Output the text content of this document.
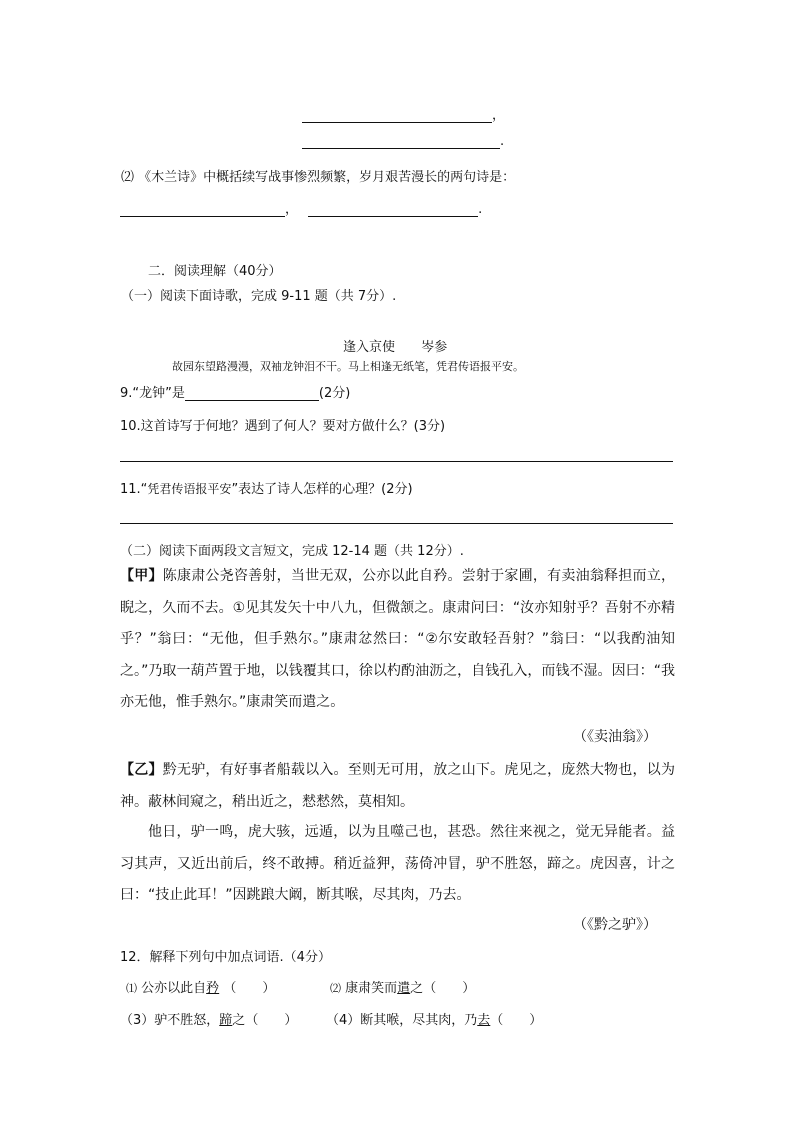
，
.
⑵ 《木兰诗》中概括续写战事惨烈频繁，岁月艰苦漫长的两句诗是：
，	.
二．阅读理解（40分）
（一）阅读下面诗歌，完成 9-11 题（共 7分）.
逢入京使 岑参
故园东望路漫漫，双袖龙钟泪不干。马上相逢无纸笔，凭君传语报平安。
9.“龙钟”是	(2分)
10.这首诗写于何地？遇到了何人？要对方做什么？(3分)
11.“凭君传语报平安”表达了诗人怎样的心理？(2分)
（二）阅读下面两段文言短文，完成 12-14 题（共 12分）.
【甲】陈康肃公尧咨善射，当世无双，公亦以此自矜。尝射于家圃，有卖油翁释担而立，睨之，久而不去。①见其发矢十中八九，但微颔之。康肃问曰：“汝亦知射乎？吾射不亦精乎？”翁曰：“无他，但手熟尔。”康肃忿然曰：“②尔安敢轻吾射？”翁曰：“以我酌油知之。”乃取一葫芦置于地，以钱覆其口，徐以杓酌油沥之，自钱孔入，而钱不湿。因曰：“我亦无他，惟手熟尔。”康肃笑而遣之。
（《卖油翁》）
【乙】黔无驴，有好事者船载以入。至则无可用，放之山下。虎见之，庞然大物也，以为神。蔽林间窥之，稍出近之，慭慭然，莫相知。
他日，驴一鸣，虎大骇，远遁，以为且噬己也，甚恐。然往来视之，觉无异能者。益习其声，又近出前后，终不敢搏。稍近益狎，荡倚冲冒，驴不胜怒，蹄之。虎因喜，计之曰：“技止此耳！”因跳踉大阚，断其喉，尽其肉，乃去。
（《黔之驴》）
12．解释下列句中加点词语.（4分）
⑴ 公亦以此自矜 （　　）	⑵ 康肃笑而遣之（　　）
（3）驴不胜怒，蹄之（　　） （4）断其喉，尽其肉，乃去（　　）
